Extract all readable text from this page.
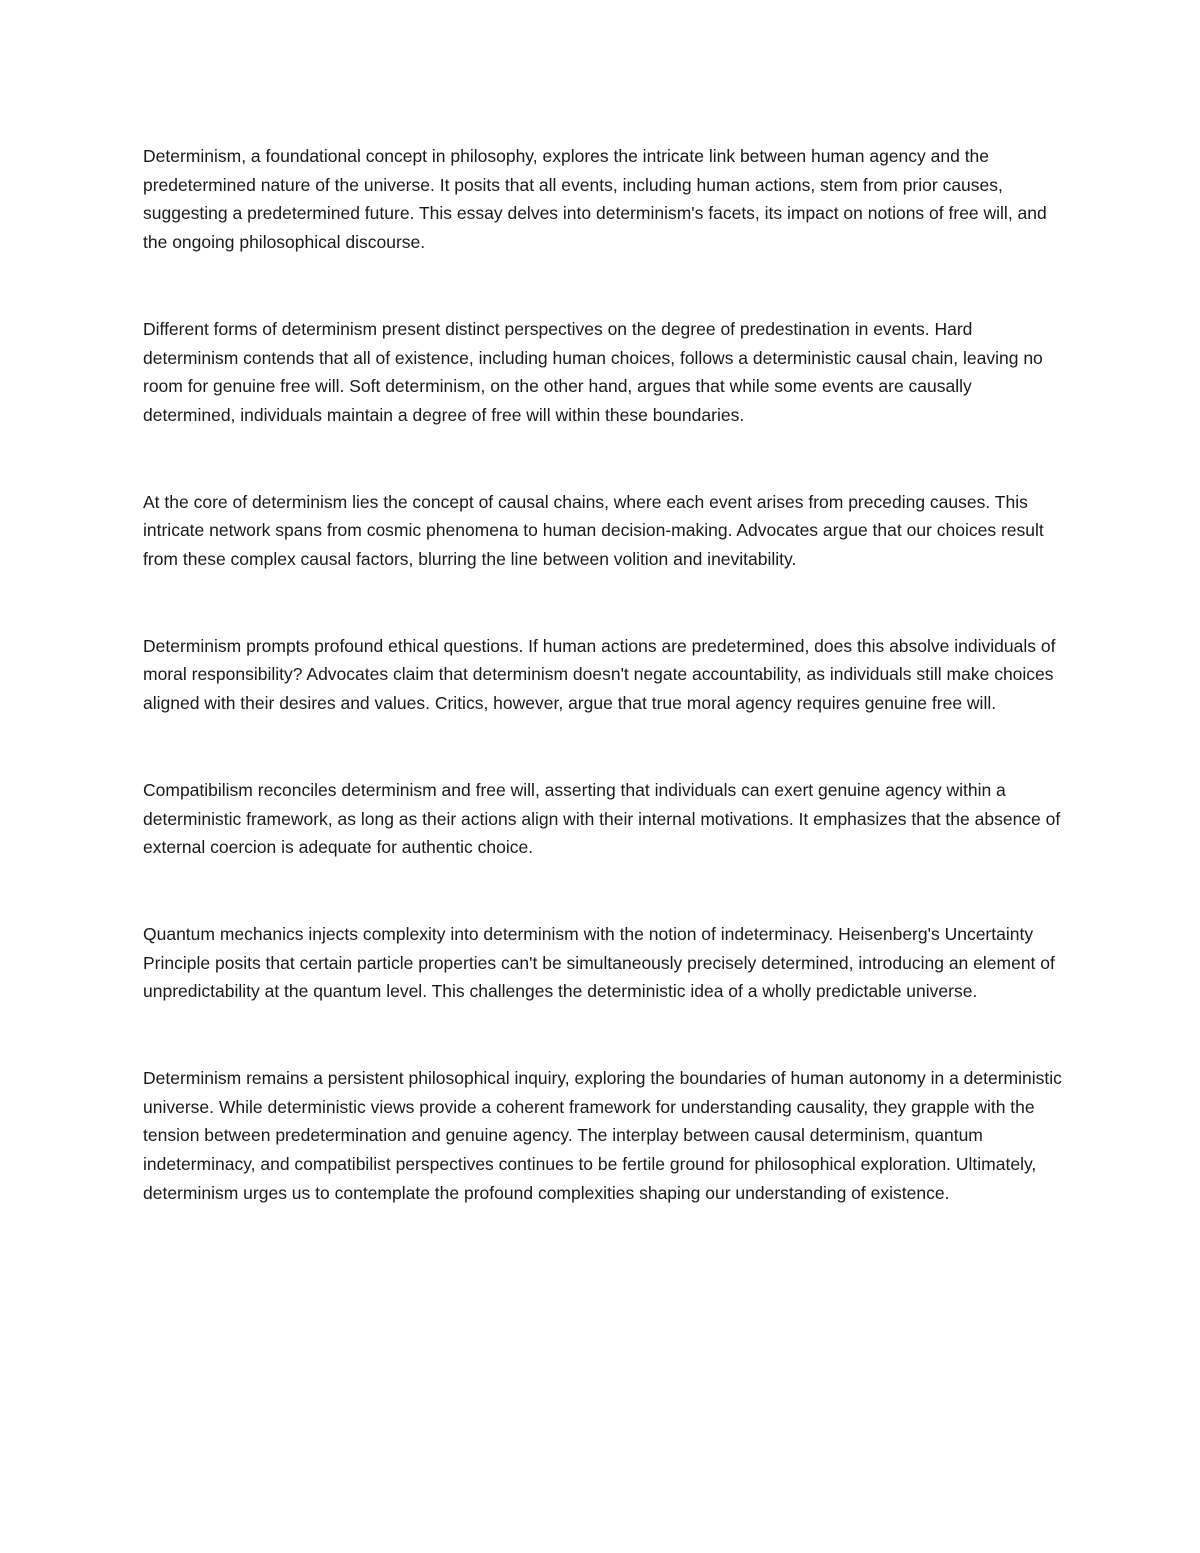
Determinism, a foundational concept in philosophy, explores the intricate link between human agency and the predetermined nature of the universe. It posits that all events, including human actions, stem from prior causes, suggesting a predetermined future. This essay delves into determinism's facets, its impact on notions of free will, and the ongoing philosophical discourse.

Different forms of determinism present distinct perspectives on the degree of predestination in events. Hard determinism contends that all of existence, including human choices, follows a deterministic causal chain, leaving no room for genuine free will. Soft determinism, on the other hand, argues that while some events are causally determined, individuals maintain a degree of free will within these boundaries.

At the core of determinism lies the concept of causal chains, where each event arises from preceding causes. This intricate network spans from cosmic phenomena to human decision-making. Advocates argue that our choices result from these complex causal factors, blurring the line between volition and inevitability.

Determinism prompts profound ethical questions. If human actions are predetermined, does this absolve individuals of moral responsibility? Advocates claim that determinism doesn't negate accountability, as individuals still make choices aligned with their desires and values. Critics, however, argue that true moral agency requires genuine free will.

Compatibilism reconciles determinism and free will, asserting that individuals can exert genuine agency within a deterministic framework, as long as their actions align with their internal motivations. It emphasizes that the absence of external coercion is adequate for authentic choice.

Quantum mechanics injects complexity into determinism with the notion of indeterminacy. Heisenberg's Uncertainty Principle posits that certain particle properties can't be simultaneously precisely determined, introducing an element of unpredictability at the quantum level. This challenges the deterministic idea of a wholly predictable universe.

Determinism remains a persistent philosophical inquiry, exploring the boundaries of human autonomy in a deterministic universe. While deterministic views provide a coherent framework for understanding causality, they grapple with the tension between predetermination and genuine agency. The interplay between causal determinism, quantum indeterminacy, and compatibilist perspectives continues to be fertile ground for philosophical exploration. Ultimately, determinism urges us to contemplate the profound complexities shaping our understanding of existence.
